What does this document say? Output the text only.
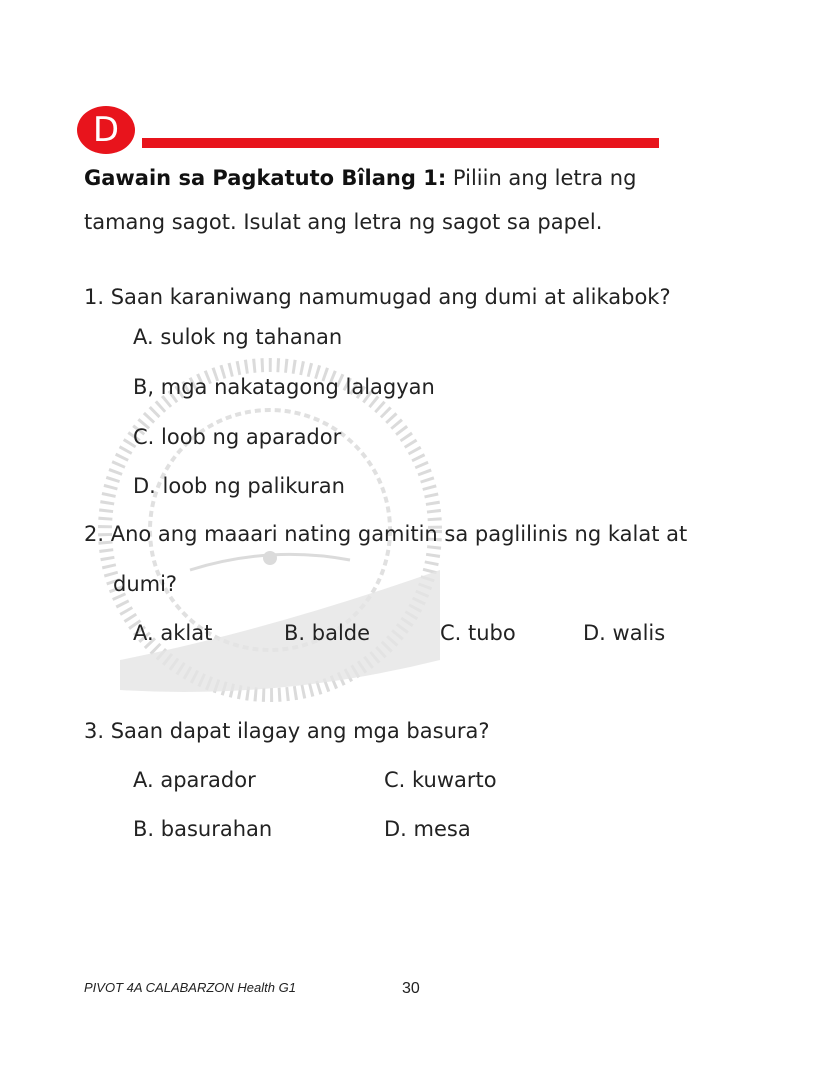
D
Gawain sa Pagkatuto Bîlang 1: Piliin ang letra ng tamang sagot. Isulat ang letra ng sagot sa papel.
1. Saan karaniwang namumugad ang dumi at alikabok?
A. sulok ng tahanan
B, mga nakatagong lalagyan
C. loob ng aparador
D. loob ng palikuran
2. Ano ang maaari nating gamitin sa paglilinis ng kalat at
dumi?
A. aklat	B. balde	C. tubo	D. walis
3. Saan dapat ilagay ang mga basura?
A. aparador	C. kuwarto
B. basurahan	D. mesa
PIVOT 4A CALABARZON Health G1	30
